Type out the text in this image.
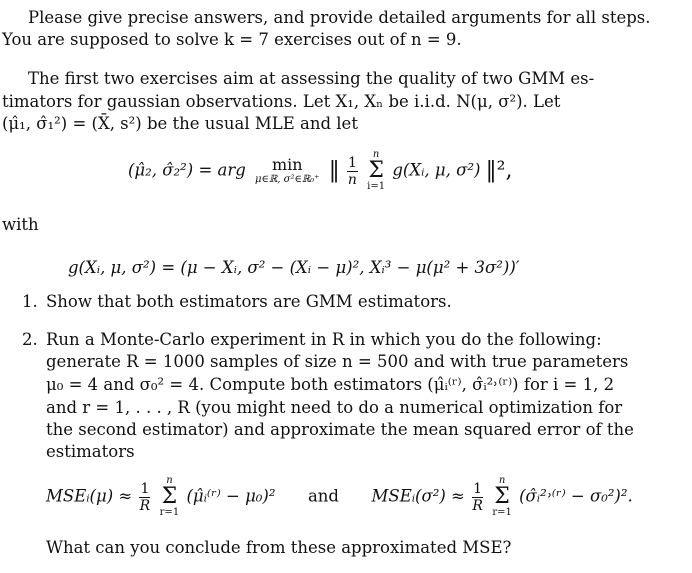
Please give precise answers, and provide detailed arguments for all steps.
You are supposed to solve k = 7 exercises out of n = 9.
The first two exercises aim at assessing the quality of two GMM es-
timators for gaussian observations. Let X₁, Xₙ be i.i.d. N(μ, σ²). Let
(μ̂₁, σ̂₁²) = (X̄, s²) be the usual MLE and let
(μ̂₂, σ̂₂²) = arg	min
μ∈ℝ, σ²∈ℝ₀⁺ ‖ $\frac{1}{n}$
	n
Σ
i=1
g(Xᵢ, μ, σ²) ‖²,
with
g(Xᵢ, μ, σ²) = (μ − Xᵢ, σ² − (Xᵢ − μ)², Xᵢ³ − μ(μ² + 3σ²))′
1. Show that both estimators are GMM estimators.
2. Run a Monte-Carlo experiment in R in which you do the following:
generate R = 1000 samples of size n = 500 and with true parameters
μ₀ = 4 and σ₀² = 4. Compute both estimators (μ̂ᵢ⁽ʳ⁾, σ̂ᵢ²˒⁽ʳ⁾) for i = 1, 2
and r = 1, . . . , R (you might need to do a numerical optimization for
the second estimator) and approximate the mean squared error of the
estimators
MSEᵢ(μ) ≈ $\frac{1}{R}$
	n
Σ
r=1
(μ̂ᵢ⁽ʳ⁾ − μ₀)² and MSEᵢ(σ²) ≈ $\frac{1}{R}$
	n
Σ
r=1
(σ̂ᵢ²˒⁽ʳ⁾ − σ₀²)².
What can you conclude from these approximated MSE?
